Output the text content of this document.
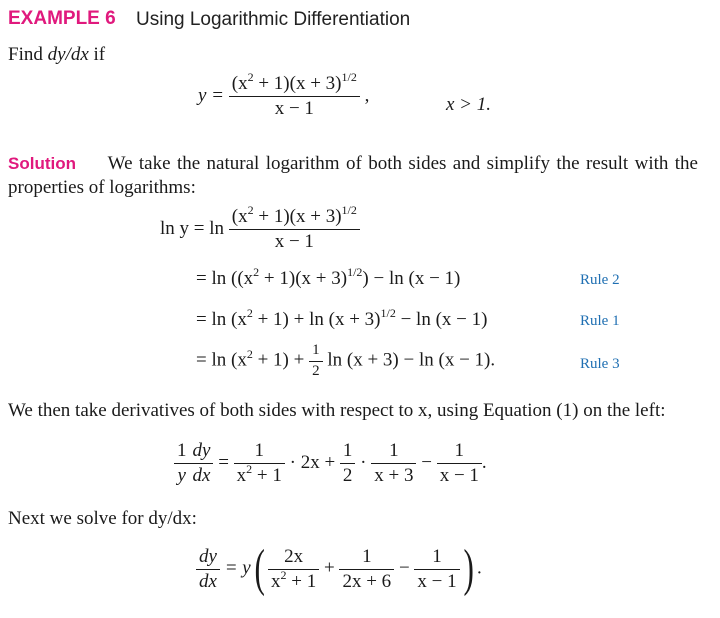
EXAMPLE 6 Using Logarithmic Differentiation
Find dy/dx if
$y = \frac{(x^2 + 1)(x + 3)^{1/2}}{x - 1}$ ,	x > 1.
Solution We take the natural logarithm of both sides and simplify the result with the properties of logarithms:
$\ln y = \ln \frac{(x^2 + 1)(x + 3)^{1/2}}{x - 1}$
= $\ln ((x^2 + 1)(x + 3)^{1/2}) - \ln (x - 1)$	Rule 2
= $\ln (x^2 + 1) + \ln (x + 3)^{1/2} - \ln (x - 1)$	Rule 1
= $\ln (x^2 + 1) + \frac{1}{2}$ ln (x + 3) − ln (x − 1).	Rule 3
We then take derivatives of both sides with respect to x, using Equation (1) on the left:
$\frac{1}{y} \frac{dy}{dx} = \frac{1}{x^2 + 1} \cdot 2x + \frac{1}{2} \cdot \frac{1}{x + 3} - \frac{1}{x - 1}$ .
Next we solve for dy/dx:
$\frac{dy}{dx} = y( \frac{2x}{x^2 + 1} + \frac{1}{2x + 6} - \frac{1}{x - 1}$ ) .
